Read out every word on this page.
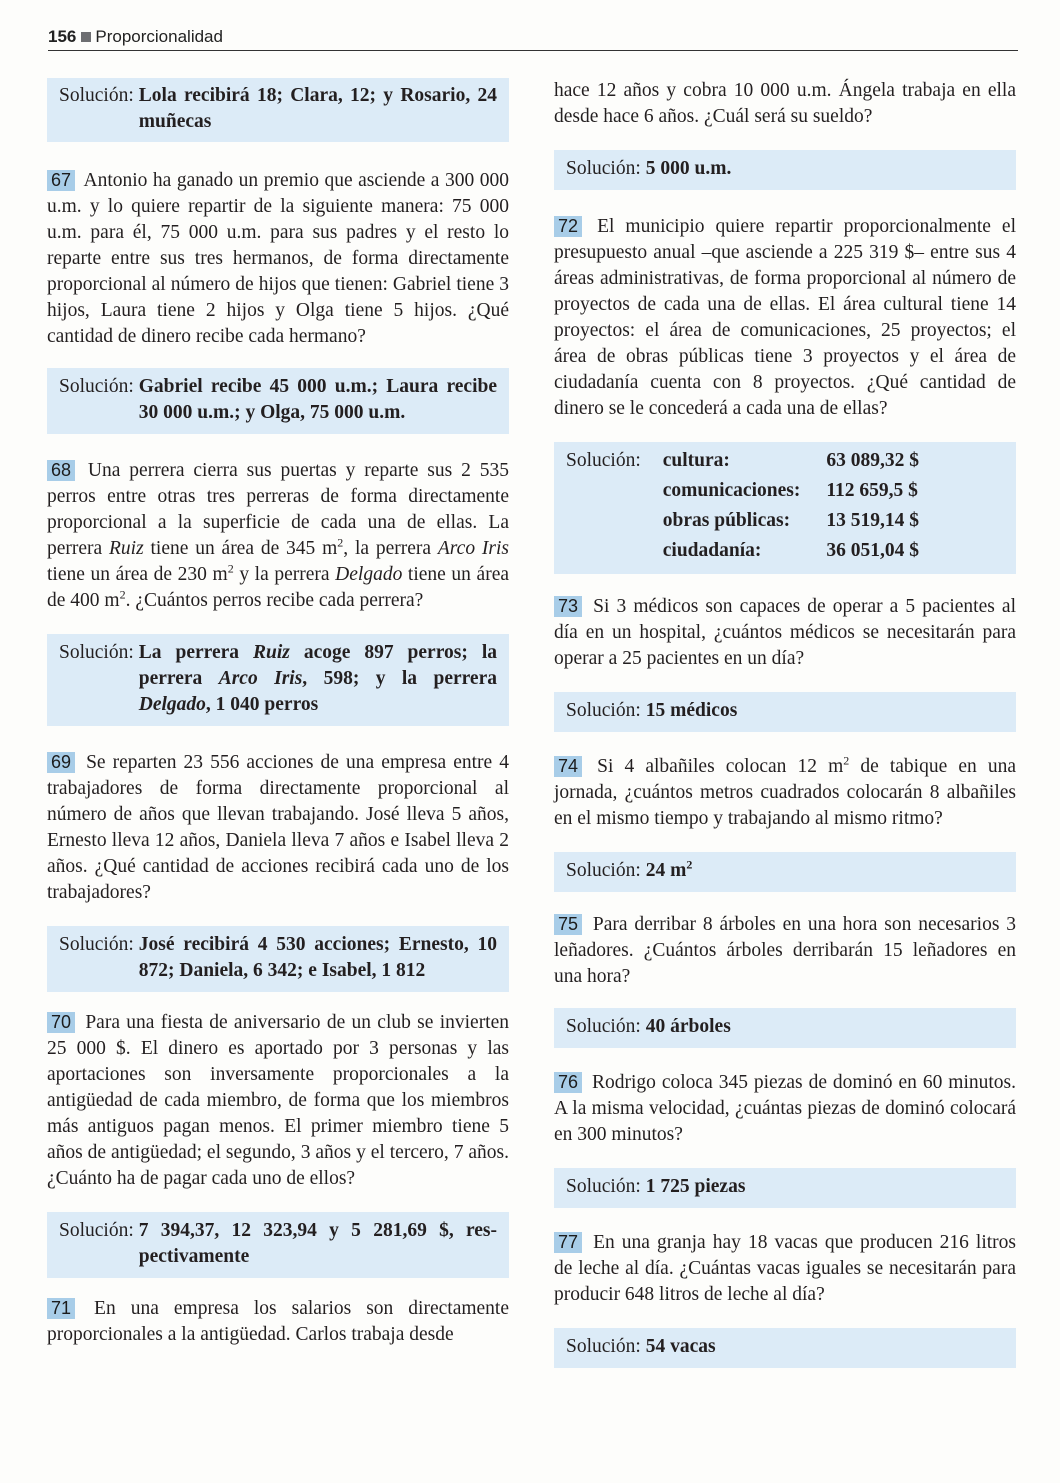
156 Proporcionalidad
Solución: Lola recibirá 18; Clara, 12; y Rosario, 24 muñecas

67 Antonio ha ganado un premio que asciende a 300 000 u.m. y lo quiere repartir de la siguiente manera: 75 000 u.m. para él, 75 000 u.m. para sus padres y el resto lo reparte entre sus tres hermanos, de forma directamente proporcional al número de hijos que tienen: Gabriel tiene 3 hijos, Laura tiene 2 hijos y Olga tiene 5 hijos. ¿Qué cantidad de dinero recibe cada hermano?

Solución: Gabriel recibe 45 000 u.m.; Laura recibe 30 000 u.m.; y Olga, 75 000 u.m.

68 Una perrera cierra sus puertas y reparte sus 2 535 perros entre otras tres perreras de forma directamente proporcional a la superficie de cada una de ellas. La perrera Ruiz tiene un área de 345 $m^2$, la perrera Arco Iris tiene un área de 230 $m^2$ y la perrera Delgado tiene un área de 400 $m^2$. ¿Cuántos perros recibe cada perrera?

Solución: La perrera Ruiz acoge 897 perros; la perrera Arco Iris, 598; y la perrera Delgado, 1 040 perros

69 Se reparten 23 556 acciones de una empresa entre 4 trabajadores de forma directamente proporcional al número de años que llevan trabajando. José lleva 5 años, Ernesto lleva 12 años, Daniela lleva 7 años e Isabel lleva 2 años. ¿Qué cantidad de acciones recibirá cada uno de los trabajadores?

Solución: José recibirá 4 530 acciones; Ernesto, 10 872; Daniela, 6 342; e Isabel, 1 812

70 Para una fiesta de aniversario de un club se invierten 25 000 $. El dinero es aportado por 3 personas y las aportaciones son inversamente proporcionales a la antigüedad de cada miembro, de forma que los miembros más antiguos pagan menos. El primer miembro tiene 5 años de antigüedad; el segundo, 3 años y el tercero, 7 años. ¿Cuánto ha de pagar cada uno de ellos?

Solución: 7 394,37, 12 323,94 y 5 281,69 $, respectivamente

71 En una empresa los salarios son directamente proporcionales a la antigüedad. Carlos trabaja desde

hace 12 años y cobra 10 000 u.m. Ángela trabaja en ella desde hace 6 años. ¿Cuál será su sueldo?

Solución: 5 000 u.m.

72 El municipio quiere repartir proporcionalmente el presupuesto anual –que asciende a 225 319 $– entre sus 4 áreas administrativas, de forma proporcional al número de proyectos de cada una de ellas. El área cultural tiene 14 proyectos: el área de comunicaciones, 25 proyectos; el área de obras públicas tiene 3 proyectos y el área de ciudadanía cuenta con 8 proyectos. ¿Qué cantidad de dinero se le concederá a cada una de ellas?

Solución:	cultura:	63 089,32 $
comunicaciones:	112 659,5 $
obras públicas:	13 519,14 $
ciudadanía:	36 051,04 $

73 Si 3 médicos son capaces de operar a 5 pacientes al día en un hospital, ¿cuántos médicos se necesitarán para operar a 25 pacientes en un día?

Solución: 15 médicos

74 Si 4 albañiles colocan 12 $m^2$ de tabique en una jornada, ¿cuántos metros cuadrados colocarán 8 albañiles en el mismo tiempo y trabajando al mismo ritmo?

Solución: 24 $m^2$

75 Para derribar 8 árboles en una hora son necesarios 3 leñadores. ¿Cuántos árboles derribarán 15 leñadores en una hora?

Solución: 40 árboles

76 Rodrigo coloca 345 piezas de dominó en 60 minutos. A la misma velocidad, ¿cuántas piezas de dominó colocará en 300 minutos?

Solución: 1 725 piezas

77 En una granja hay 18 vacas que producen 216 litros de leche al día. ¿Cuántas vacas iguales se necesitarán para producir 648 litros de leche al día?

Solución: 54 vacas
